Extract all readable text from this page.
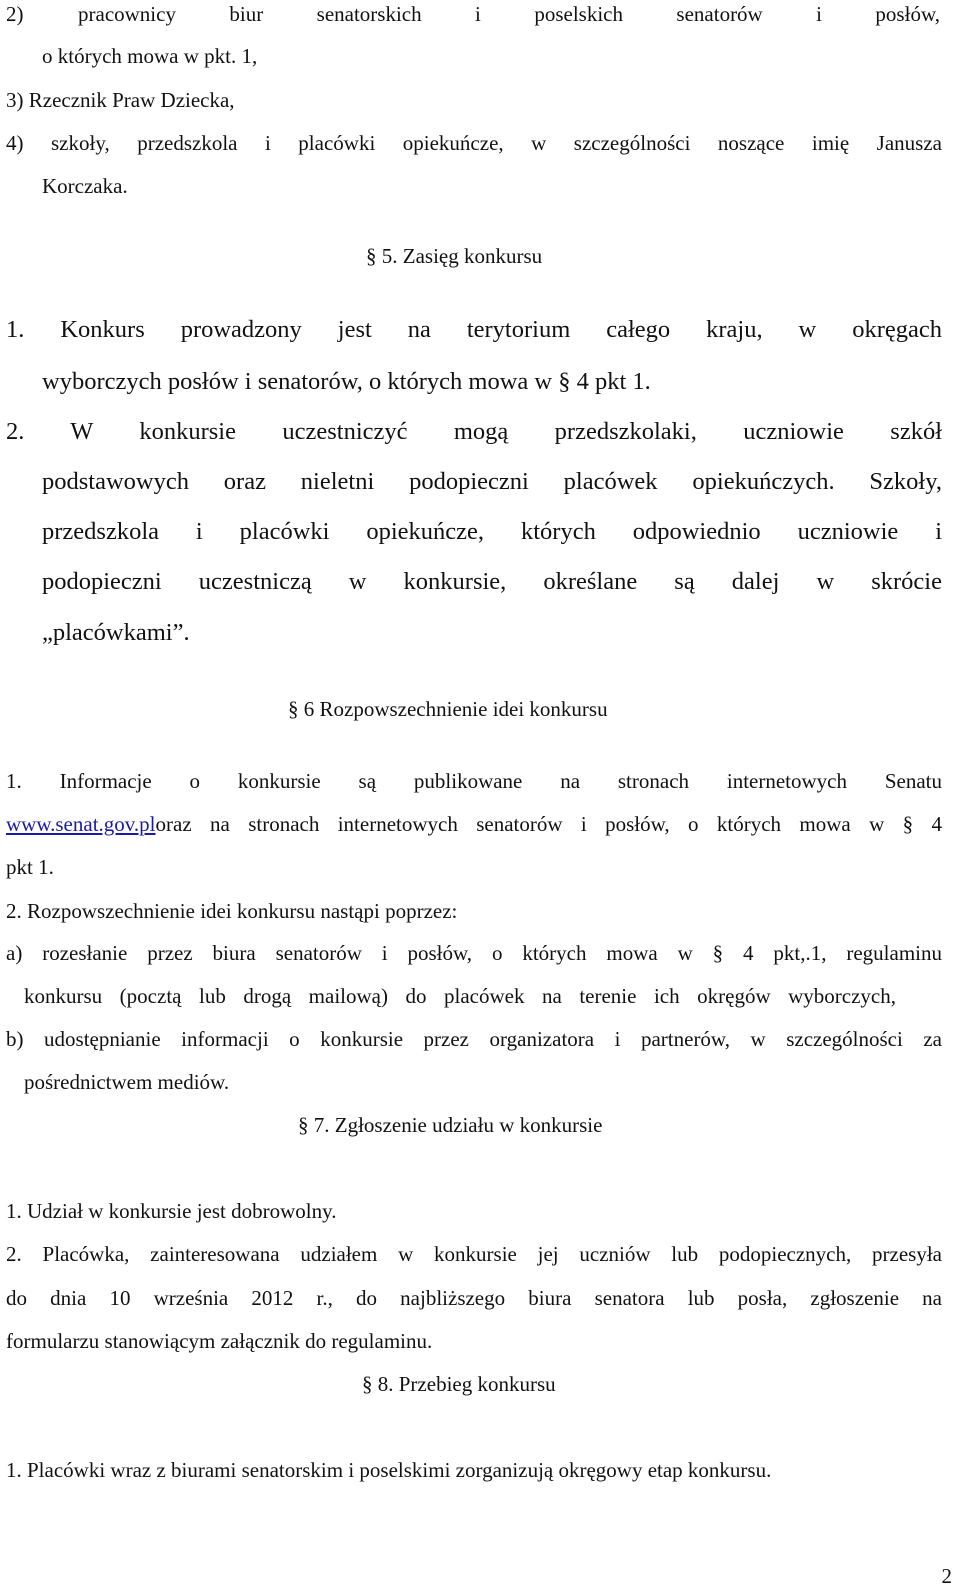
2)	pracownicy biur senatorskich i poselskich senatorów i posłów,
o których mowa w pkt. 1,
3) Rzecznik Praw Dziecka,
4) szkoły, przedszkola i placówki opiekuńcze, w szczególności noszące imię Janusza
Korczaka.
§ 5. Zasięg konkursu
1. Konkurs prowadzony jest na terytorium całego kraju, w okręgach
wyborczych posłów i senatorów, o których mowa w § 4 pkt 1.
2. W konkursie uczestniczyć mogą przedszkolaki, uczniowie szkół
podstawowych oraz nieletni podopieczni placówek opiekuńczych. Szkoły,
przedszkola i placówki opiekuńcze, których odpowiednio uczniowie i
podopieczni uczestniczą w konkursie, określane są dalej w skrócie
„placówkami”.
§ 6 Rozpowszechnienie idei konkursu
1. Informacje o konkursie są publikowane na stronach internetowych Senatu
www.senat.gov.pl oraz na stronach internetowych senatorów i posłów, o których mowa w § 4
pkt 1.
2. Rozpowszechnienie idei konkursu nastąpi poprzez:
a) rozesłanie przez biura senatorów i posłów, o których mowa w § 4 pkt,.1, regulaminu
konkursu (pocztą lub drogą mailową) do placówek na terenie ich okręgów wyborczych,
b) udostępnianie informacji o konkursie przez organizatora i partnerów, w szczególności za
pośrednictwem mediów.
§ 7. Zgłoszenie udziału w konkursie
1. Udział w konkursie jest dobrowolny.
2. Placówka, zainteresowana udziałem w konkursie jej uczniów lub podopiecznych, przesyła
do dnia 10 września 2012 r., do najbliższego biura senatora lub posła, zgłoszenie na
formularzu stanowiącym załącznik do regulaminu.
§ 8. Przebieg konkursu
1. Placówki wraz z biurami senatorskim i poselskimi zorganizują okręgowy etap konkursu.
2
